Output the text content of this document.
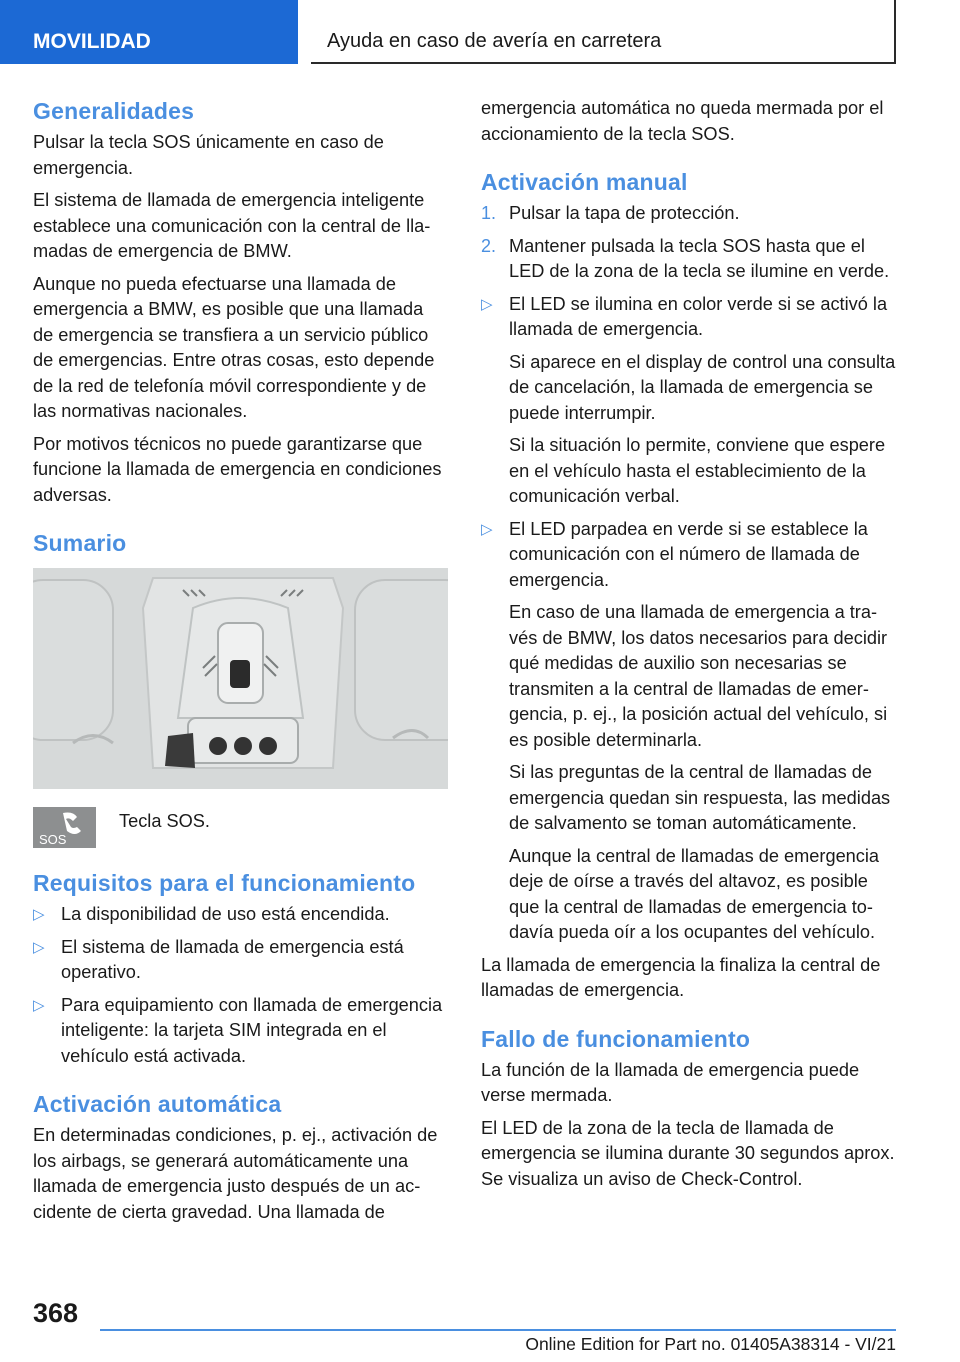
MOVILIDAD	Ayuda en caso de avería en carretera
Generalidades

Pulsar la tecla SOS únicamente en caso de emergencia.

El sistema de llamada de emergencia inteligente establece una comunicación con la central de llamadas de emergencia de BMW.

Aunque no pueda efectuarse una llamada de emergencia a BMW, es posible que una llamada de emergencia se transfiera a un servicio público de emergencias. Entre otras cosas, esto depende de la red de telefonía móvil correspondiente y de las normativas nacionales.

Por motivos técnicos no puede garantizarse que funcione la llamada de emergencia en condiciones adversas.

Sumario
SOS
Tecla SOS.
Requisitos para el funcionamiento
▷ La disponibilidad de uso está encendida.
▷ El sistema de llamada de emergencia está operativo.
▷ Para equipamiento con llamada de emergencia inteligente: la tarjeta SIM integrada en el vehículo está activada.
Activación automática

En determinadas condiciones, p. ej., activación de los airbags, se generará automáticamente una llamada de emergencia justo después de un accidente de cierta gravedad. Una llamada de

emergencia automática no queda mermada por el accionamiento de la tecla SOS.

Activación manual
1. Pulsar la tapa de protección.
2. Mantener pulsada la tecla SOS hasta que el LED de la zona de la tecla se ilumine en verde.
▷ El LED se ilumina en color verde si se activó la llamada de emergencia.

Si aparece en el display de control una consulta de cancelación, la llamada de emergencia se puede interrumpir.

Si la situación lo permite, conviene que espere en el vehículo hasta el establecimiento de la comunicación verbal.

▷ El LED parpadea en verde si se establece la comunicación con el número de llamada de emergencia.

En caso de una llamada de emergencia a través de BMW, los datos necesarios para decidir qué medidas de auxilio son necesarias se transmiten a la central de llamadas de emergencia, p. ej., la posición actual del vehículo, si es posible determinarla.

Si las preguntas de la central de llamadas de emergencia quedan sin respuesta, las medidas de salvamento se toman automáticamente.

Aunque la central de llamadas de emergencia deje de oírse a través del altavoz, es posible que la central de llamadas de emergencia todavía pueda oír a los ocupantes del vehículo.

La llamada de emergencia la finaliza la central de llamadas de emergencia.

Fallo de funcionamiento

La función de la llamada de emergencia puede verse mermada.

El LED de la zona de la tecla de llamada de emergencia se ilumina durante 30 segundos aprox. Se visualiza un aviso de Check-Control.

368
Online Edition for Part no. 01405A38314 - VI/21
